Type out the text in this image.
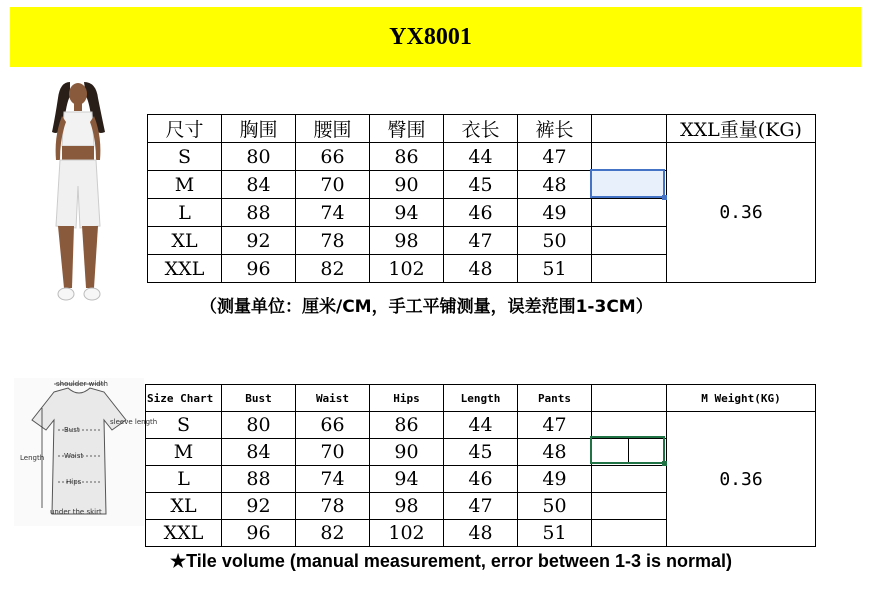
YX8001
尺寸	胸围	腰围	臀围	衣长	裤长		XXL重量(KG)
S	80	66	86	44	47		0.36
M	84	70	90	45	48		
L	88	74	94	46	49		
XL	92	78	98	47	50		
XXL	96	82	102	48	51		
（测量单位：厘米/CM，手工平铺测量，误差范围1-3CM）
shoulder width
sleeve length
Bust
Waist
Hips
Length
under the skirt
Size Chart	Bust	Waist	Hips	Length	Pants		M Weight(KG)
S	80	66	86	44	47		0.36
M	84	70	90	45	48		
L	88	74	94	46	49		
XL	92	78	98	47	50		
XXL	96	82	102	48	51		
★Tile volume (manual measurement, error between 1-3 is normal)
